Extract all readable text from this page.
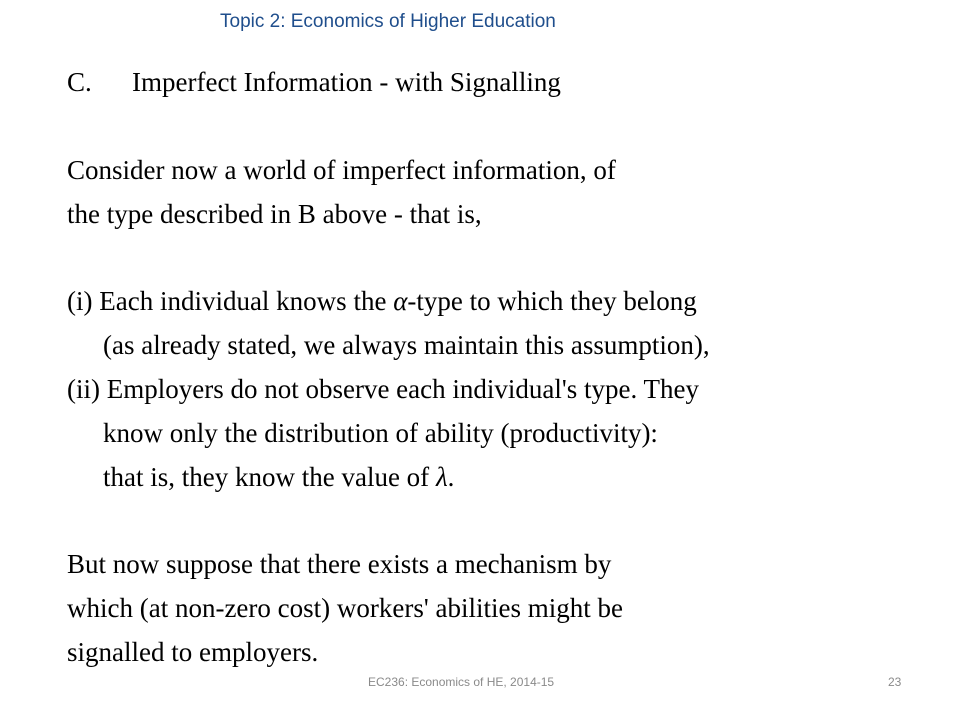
Topic 2: Economics of Higher Education
C. Imperfect Information - with Signalling
Consider now a world of imperfect information, of
the type described in B above - that is,
(i) Each individual knows the α-type to which they belong
(as already stated, we always maintain this assumption),
(ii) Employers do not observe each individual's type. They
know only the distribution of ability (productivity):
that is, they know the value of λ.
But now suppose that there exists a mechanism by
which (at non-zero cost) workers' abilities might be
signalled to employers.
EC236: Economics of HE, 2014-15	23
